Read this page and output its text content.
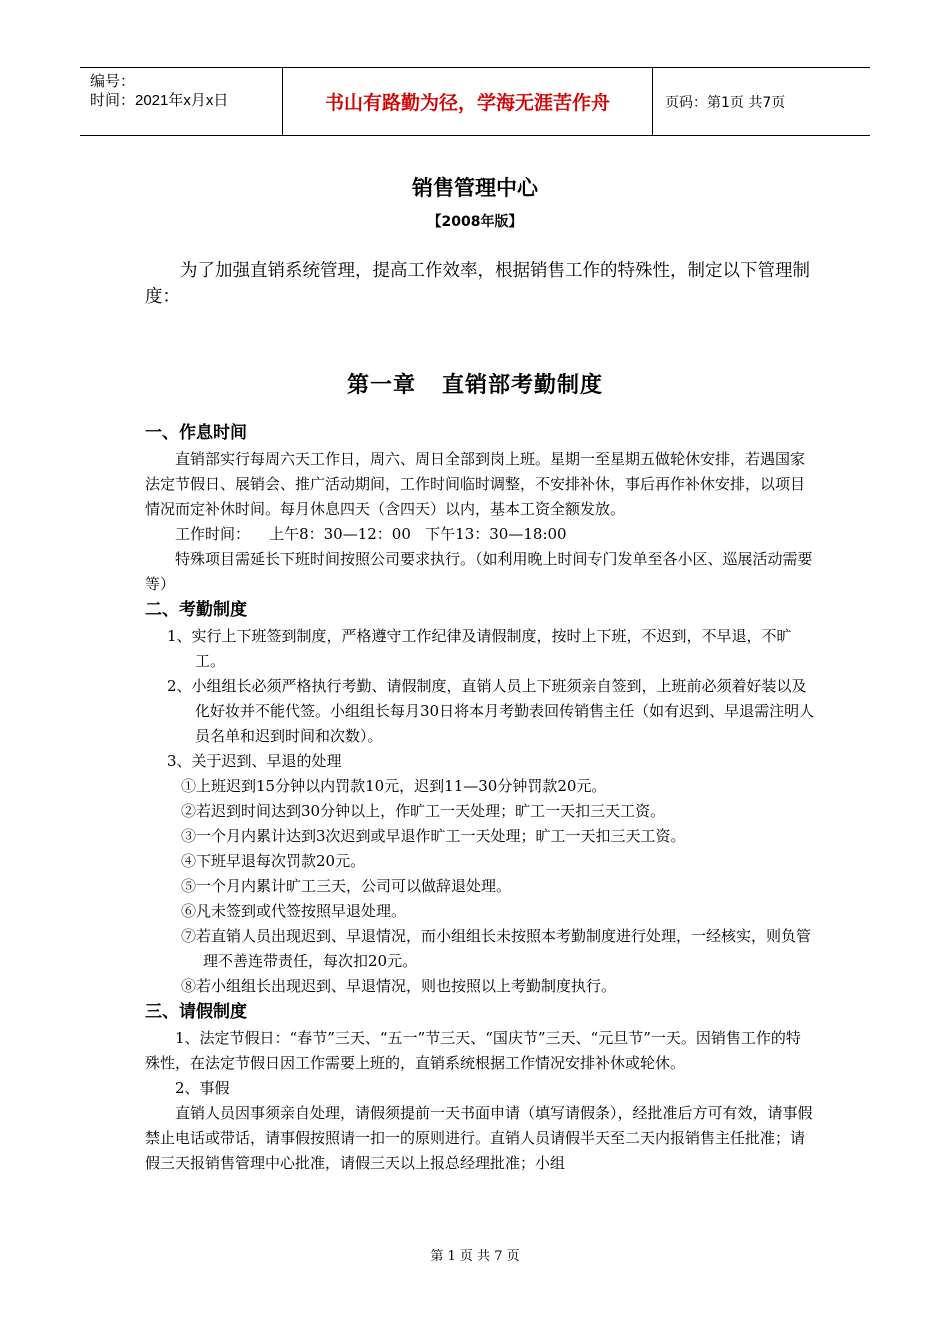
编号：
时间：2021年x月x日	书山有路勤为径，学海无涯苦作舟	页码：第1页 共7页
销售管理中心
【2008年版】

为了加强直销系统管理，提高工作效率，根据销售工作的特殊性，制定以下管理制度：

第一章 直销部考勤制度

一、作息时间

直销部实行每周六天工作日，周六、周日全部到岗上班。星期一至星期五做轮休安排，若遇国家法定节假日、展销会、推广活动期间，工作时间临时调整，不安排补休，事后再作补休安排，以项目情况而定补休时间。每月休息四天（含四天）以内，基本工资全额发放。

工作时间：    上午8：30—12：00   下午13：30—18:00

特殊项目需延长下班时间按照公司要求执行。（如利用晚上时间专门发单至各小区、巡展活动需要等）

二、考勤制度

1、实行上下班签到制度，严格遵守工作纪律及请假制度，按时上下班，不迟到，不早退，不旷工。

2、小组组长必须严格执行考勤、请假制度，直销人员上下班须亲自签到，上班前必须着好装以及化好妆并不能代签。小组组长每月30日将本月考勤表回传销售主任（如有迟到、早退需注明人员名单和迟到时间和次数）。

3、关于迟到、早退的处理

①上班迟到15分钟以内罚款10元，迟到11—30分钟罚款20元。

②若迟到时间达到30分钟以上，作旷工一天处理；旷工一天扣三天工资。

③一个月内累计达到3次迟到或早退作旷工一天处理；旷工一天扣三天工资。

④下班早退每次罚款20元。

⑤一个月内累计旷工三天，公司可以做辞退处理。

⑥凡未签到或代签按照早退处理。

⑦若直销人员出现迟到、早退情况，而小组组长未按照本考勤制度进行处理，一经核实，则负管理不善连带责任，每次扣20元。

⑧若小组组长出现迟到、早退情况，则也按照以上考勤制度执行。

三、请假制度

1、法定节假日：“春节”三天、“五一”节三天、“国庆节”三天、“元旦节”一天。因销售工作的特殊性，在法定节假日因工作需要上班的，直销系统根据工作情况安排补休或轮休。

2、事假

直销人员因事须亲自处理，请假须提前一天书面申请（填写请假条），经批准后方可有效，请事假禁止电话或带话，请事假按照请一扣一的原则进行。直销人员请假半天至二天内报销售主任批准；请假三天报销售管理中心批准，请假三天以上报总经理批准；小组

第 1 页 共 7 页
